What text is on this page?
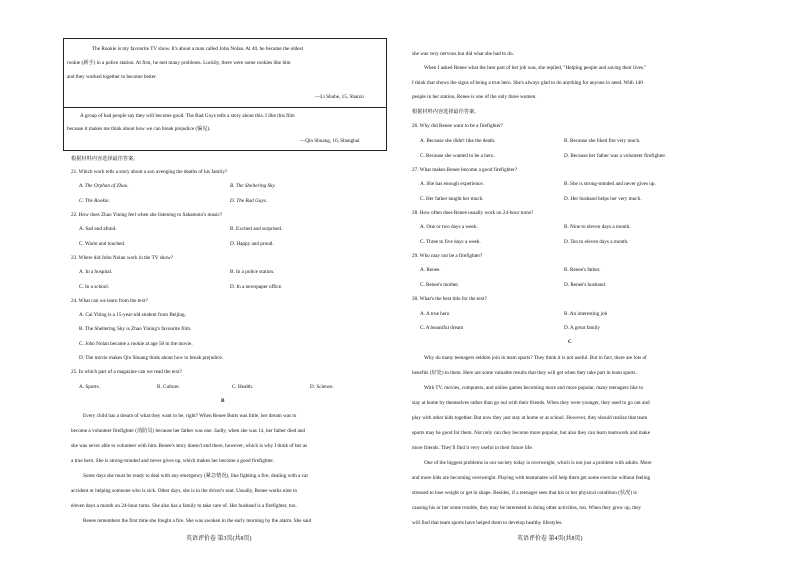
The Rookie is my favourite TV show. It's about a man called John Nolan. At 40, he became the oldest
rookie (新手) in a police station. At first, he met many problems. Luckily, there were some rookies like him
and they worked together to become better.
—Li Shuhe, 15, Shanxi
A group of bad people say they will become good. The Bad Guys tells a story about this. I like this film
because it makes me think about how we can break prejudice (偏见).
—Qin Shuang, 16, Shanghai
根据材料内容选择最佳答案。
21. Which work tells a story about a son avenging the deaths of his family?
A. The Orphan of Zhao.	B. The Sheltering Sky.
C. The Rookie.	D. The Bad Guys.
22. How does Zhao Yining feel when she listening to Sakamoto's music?
A. Sad and afraid.	B. Excited and surprised.
C. Warm and touched.	D. Happy and proud.
23. Where did John Nolan work in the TV show?
A. In a hospital.	B. In a police station.
C. In a school.	D. In a newspaper office.
24. What can we learn from the text?
A. Cai Yiting is a 15-year-old student from Beijing.
B. The Sheltering Sky is Zhao Yining's favourite film.
C. John Nolan became a rookie at age 50 in the movie.
D. The movie makes Qin Shuang think about how to break prejudice.
25. In which part of a magazine can we read the text?
A. Sports.	B. Culture.	C. Health.	D. Science.
B
Every child has a dream of what they want to be, right? When Renee Butts was little, her dream was to
become a volunteer firefighter (消防员) because her father was one. Sadly, when she was 14, her father died and
she was never able to volunteer with him. Renee's story doesn't end there, however, which is why I think of her as
a true hero. She is strong-minded and never gives up, which makes her become a good firefighter.
Some days she must be ready to deal with any emergency (紧急情况), like fighting a fire, dealing with a car
accident or helping someone who is sick. Other days, she is in the driver's seat. Usually, Renee works nine to
eleven days a month on 24-hour turns. She also has a family to take care of. Her husband is a firefighter, too.
Renee remembers the first time she fought a fire. She was awoken in the early morning by the alarm. She said
英语评价卷 第3页(共8页)
she was very nervous but did what she had to do.
When I asked Renee what the best part of her job was, she replied, "Helping people and saving their lives."
I think that shows the signs of being a true hero. She's always glad to do anything for anyone in need. With 140
people in her station, Renee is one of the only three women.
根据材料内容选择最佳答案。
26. Why did Renee want to be a firefighter?
A. Because she didn't like the death.	B. Because she liked fire very much.
C. Because she wanted to be a hero.	D. Because her father was a volunteer firefighter.
27. What makes Renee become a good firefighter?
A. She has enough experience.	B. She is strong-minded and never gives up.
C. Her father taught her much.	D. Her husband helps her very much.
28. How often does Renee usually work on 24-hour turns?
A. One or two days a week.	B. Nine to eleven days a month.
C. Three to five days a week.	D. Ten to eleven days a month.
29. Who may not be a firefighter?
A. Renee.	B. Renee's father.
C. Renee's mother.	D. Renee's husband.
30. What's the best title for the text?
A. A true hero	B. An interesting job
C. A beautiful dream	D. A great family
C
Why do many teenagers seldom join in team sports? They think it is not useful. But in fact, there are lots of
benefits (好处) to them. Here are some valuable results that they will get when they take part in team sports.
With TV, movies, computers, and online games becoming more and more popular, many teenagers like to
stay at home by themselves rather than go out with their friends. When they were younger, they used to go out and
play with other kids together. But now they just stay at home or at school. However, they should realize that team
sports may be good for them. Not only can they become more popular, but also they can learn teamwork and make
more friends. They'll find it very useful in their future life.
One of the biggest problems in our society today is overweight, which is not just a problem with adults. More
and more kids are becoming overweight. Playing with teammates will help them get some exercise without feeling
stressed to lose weight or get in shape. Besides, if a teenager sees that his or her physical condition (状况) is
causing his or her some trouble, they may be interested in doing other activities, too. When they grow up, they
will find that team sports have helped them to develop healthy lifestyles.
英语评价卷 第4页(共8页)
